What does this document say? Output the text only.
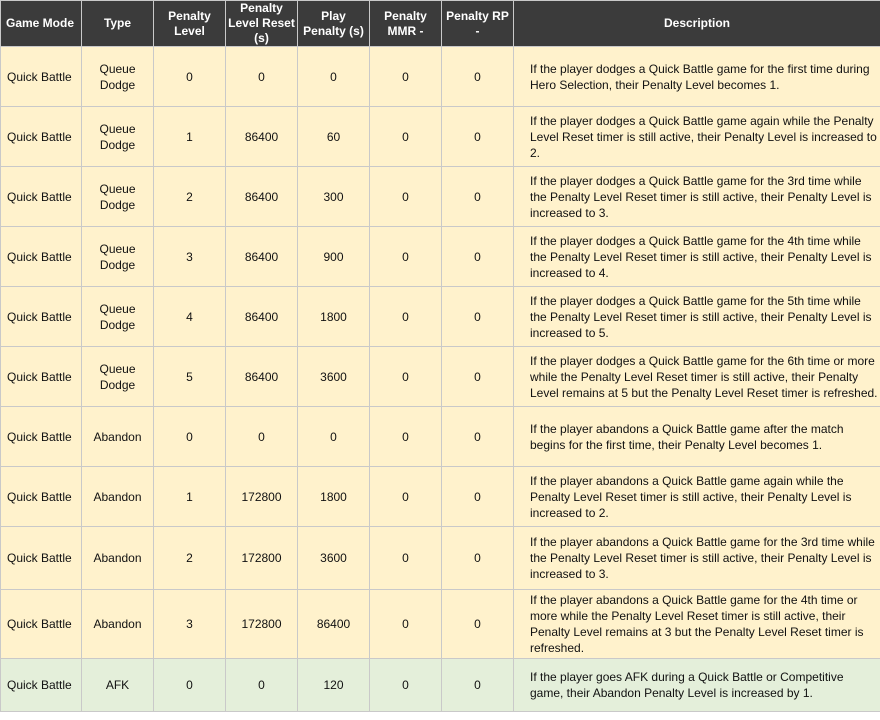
Game Mode	Type	Penalty Level	Penalty Level Reset (s)	Play Penalty (s)	Penalty MMR -	Penalty RP -	Description
Quick Battle	Queue Dodge	0	0	0	0	0	If the player dodges a Quick Battle game for the first time during Hero Selection, their Penalty Level becomes 1.
Quick Battle	Queue Dodge	1	86400	60	0	0	If the player dodges a Quick Battle game again while the Penalty Level Reset timer is still active, their Penalty Level is increased to 2.
Quick Battle	Queue Dodge	2	86400	300	0	0	If the player dodges a Quick Battle game for the 3rd time while the Penalty Level Reset timer is still active, their Penalty Level is increased to 3.
Quick Battle	Queue Dodge	3	86400	900	0	0	If the player dodges a Quick Battle game for the 4th time while the Penalty Level Reset timer is still active, their Penalty Level is increased to 4.
Quick Battle	Queue Dodge	4	86400	1800	0	0	If the player dodges a Quick Battle game for the 5th time while the Penalty Level Reset timer is still active, their Penalty Level is increased to 5.
Quick Battle	Queue Dodge	5	86400	3600	0	0	If the player dodges a Quick Battle game for the 6th time or more while the Penalty Level Reset timer is still active, their Penalty Level remains at 5 but the Penalty Level Reset timer is refreshed.
Quick Battle	Abandon	0	0	0	0	0	If the player abandons a Quick Battle game after the match begins for the first time, their Penalty Level becomes 1.
Quick Battle	Abandon	1	172800	1800	0	0	If the player abandons a Quick Battle game again while the Penalty Level Reset timer is still active, their Penalty Level is increased to 2.
Quick Battle	Abandon	2	172800	3600	0	0	If the player abandons a Quick Battle game for the 3rd time while the Penalty Level Reset timer is still active, their Penalty Level is increased to 3.
Quick Battle	Abandon	3	172800	86400	0	0	If the player abandons a Quick Battle game for the 4th time or more while the Penalty Level Reset timer is still active, their Penalty Level remains at 3 but the Penalty Level Reset timer is refreshed.
Quick Battle	AFK	0	0	120	0	0	If the player goes AFK during a Quick Battle or Competitive game, their Abandon Penalty Level is increased by 1.
